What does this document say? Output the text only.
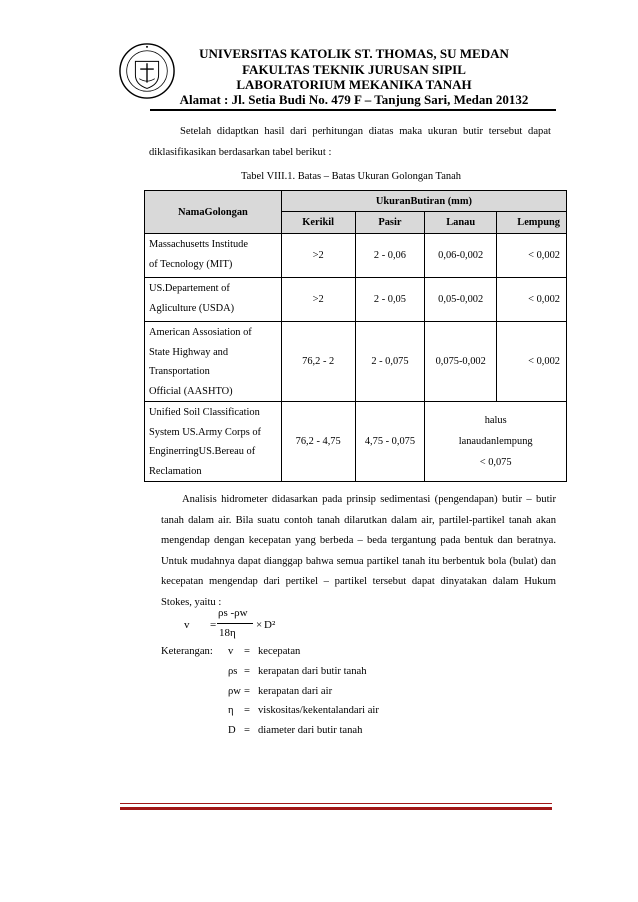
UNIVERSITAS KATOLIK ST. THOMAS, SU MEDAN
FAKULTAS TEKNIK JURUSAN SIPIL
LABORATORIUM MEKANIKA TANAH
Alamat : Jl. Setia Budi No. 479 F – Tanjung Sari, Medan 20132
Setelah didaptkan hasil dari perhitungan diatas maka ukuran butir tersebut dapat diklasifikasikan berdasarkan tabel berikut :
Tabel VIII.1. Batas – Batas Ukuran Golongan Tanah
NamaGolongan	UkuranButiran (mm)			
	Kerikil	Pasir	Lanau	Lempung

Massachusetts Institude
of Tecnology (MIT)	>2	2 - 0,06	0,06-0,002	< 0,002

US.Departement of
Agliculture (USDA)	>2	2 - 0,05	0,05-0,002	< 0,002

American Assosiation of
State Highway and
Transportation
Official (AASHTO)	76,2 - 2	2 - 0,075	0,075-0,002	< 0,002

Unified Soil Classification
System US.Army Corps of
EnginerringUS.Bereau of
Reclamation	76,2 - 4,75	4,75 - 0,075	halus
lanaudanlempung
< 0,075	
Analisis hidrometer didasarkan pada prinsip sedimentasi (pengendapan) butir – butir tanah dalam air. Bila suatu contoh tanah dilarutkan dalam air, partilel-partikel tanah akan mengendap dengan kecepatan yang berbeda – beda tergantung pada bentuk dan beratnya. Untuk mudahnya dapat dianggap bahwa semua partikel tanah itu berbentuk bola (bulat) dan kecepatan mengendap dari pertikel – partikel tersebut dapat dinyatakan dalam Hukum Stokes, yaitu :
v =
ρs -ρw
18η
× D²
Keterangan: v = kecepatan
ρs = kerapatan dari butir tanah
ρw = kerapatan dari air
η = viskositas/kekentalandari air
D = diameter dari butir tanah
